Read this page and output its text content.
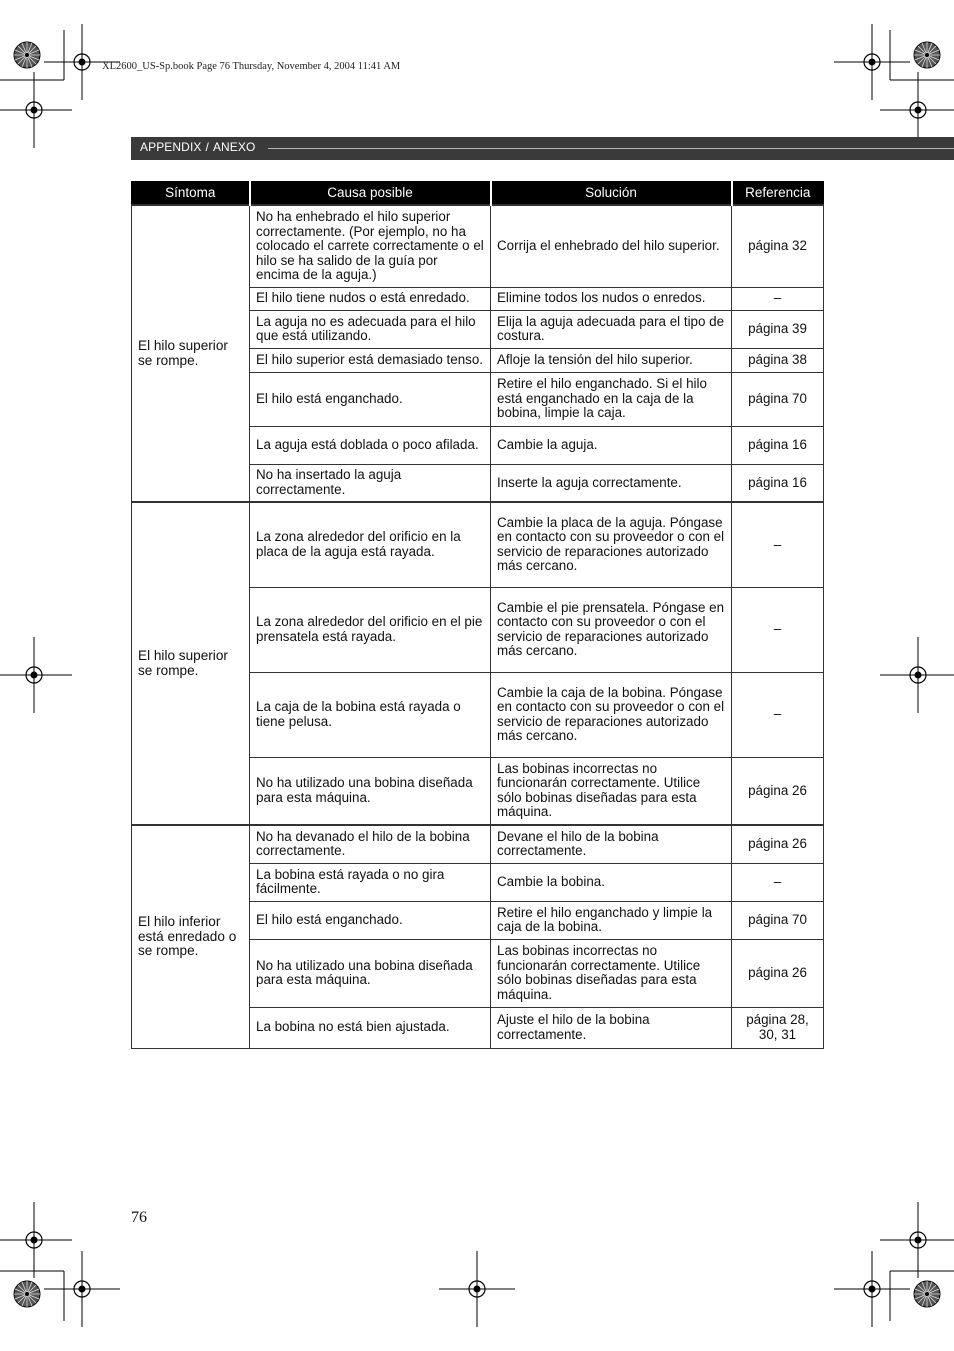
XL2600_US-Sp.book Page 76 Thursday, November 4, 2004 11:41 AM
APPENDIX / ANEXO
Síntoma	Causa posible	Solución	Referencia
El hilo superior se rompe.	No ha enhebrado el hilo superior correctamente. (Por ejemplo, no ha colocado el carrete correctamente o el hilo se ha salido de la guía por encima de la aguja.)	Corrija el enhebrado del hilo superior.	página 32
	El hilo tiene nudos o está enredado.	Elimine todos los nudos o enredos.	–
	La aguja no es adecuada para el hilo que está utilizando.	Elija la aguja adecuada para el tipo de costura.	página 39
	El hilo superior está demasiado tenso.	Afloje la tensión del hilo superior.	página 38
	El hilo está enganchado.	Retire el hilo enganchado. Si el hilo está enganchado en la caja de la bobina, limpie la caja.	página 70
	La aguja está doblada o poco afilada.	Cambie la aguja.	página 16
	No ha insertado la aguja correctamente.	Inserte la aguja correctamente.	página 16
El hilo superior se rompe.	La zona alrededor del orificio en la placa de la aguja está rayada.	Cambie la placa de la aguja. Póngase en contacto con su proveedor o con el servicio de reparaciones autorizado más cercano.	–
	La zona alrededor del orificio en el pie prensatela está rayada.	Cambie el pie prensatela. Póngase en contacto con su proveedor o con el servicio de reparaciones autorizado más cercano.	–
	La caja de la bobina está rayada o tiene pelusa.	Cambie la caja de la bobina. Póngase en contacto con su proveedor o con el servicio de reparaciones autorizado más cercano.	–
	No ha utilizado una bobina diseñada para esta máquina.	Las bobinas incorrectas no funcionarán correctamente. Utilice sólo bobinas diseñadas para esta máquina.	página 26
El hilo inferior está enredado o se rompe.	No ha devanado el hilo de la bobina correctamente.	Devane el hilo de la bobina correctamente.	página 26
	La bobina está rayada o no gira fácilmente.	Cambie la bobina.	–
	El hilo está enganchado.	Retire el hilo enganchado y limpie la caja de la bobina.	página 70
	No ha utilizado una bobina diseñada para esta máquina.	Las bobinas incorrectas no funcionarán correctamente. Utilice sólo bobinas diseñadas para esta máquina.	página 26
	La bobina no está bien ajustada.	Ajuste el hilo de la bobina correctamente.	página 28, 30, 31
76
